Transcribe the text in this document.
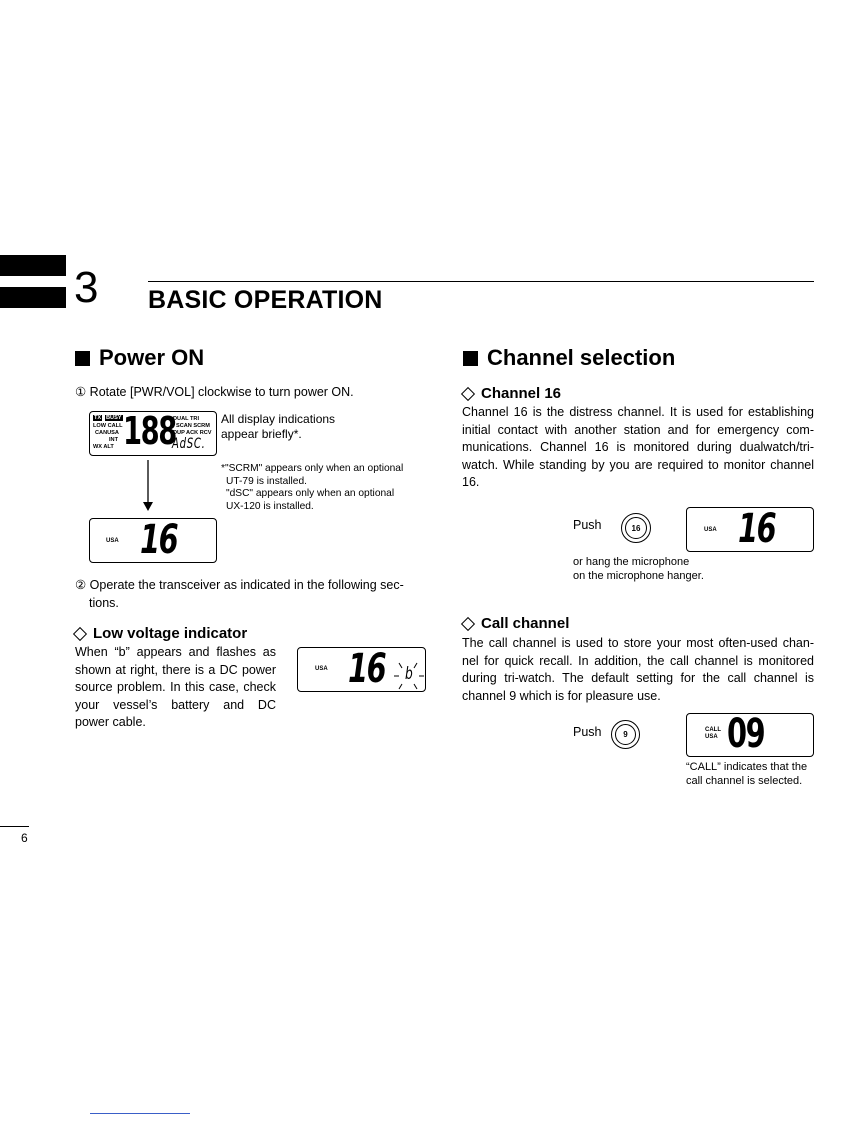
3 BASIC OPERATION
Power ON
① Rotate [PWR/VOL] clockwise to turn power ON.
TX BUSY
LOW CALL
CANUSA
INT
WX ALT 188
DUAL TRI
SCAN SCRM
DUP ACK RCV
AdSC.
All display indications
appear briefly*.
*"SCRM" appears only when an optional
UT-79 is installed.
"dSC" appears only when an optional
UX-120 is installed.
USA 16
② Operate the transceiver as indicated in the following sec-
tions.
Low voltage indicator
When “b” appears and flashes as
shown at right, there is a DC power
source problem. In this case, check
your vessel’s battery and DC
power cable.
USA 16 b
Channel selection
Channel 16
Channel 16 is the distress channel. It is used for establishing
initial contact with another station and for emergency com-
munications. Channel 16 is monitored during dualwatch/tri-
watch. While standing by you are required to monitor channel
16.
Push	16	USA 16
or hang the microphone
on the microphone hanger.
Call channel
The call channel is used to store your most often-used chan-
nel for quick recall. In addition, the call channel is monitored
during tri-watch. The default setting for the call channel is
channel 9 which is for pleasure use.
Push	9	CALL
USA 09
“CALL” indicates that the
call channel is selected.
6
